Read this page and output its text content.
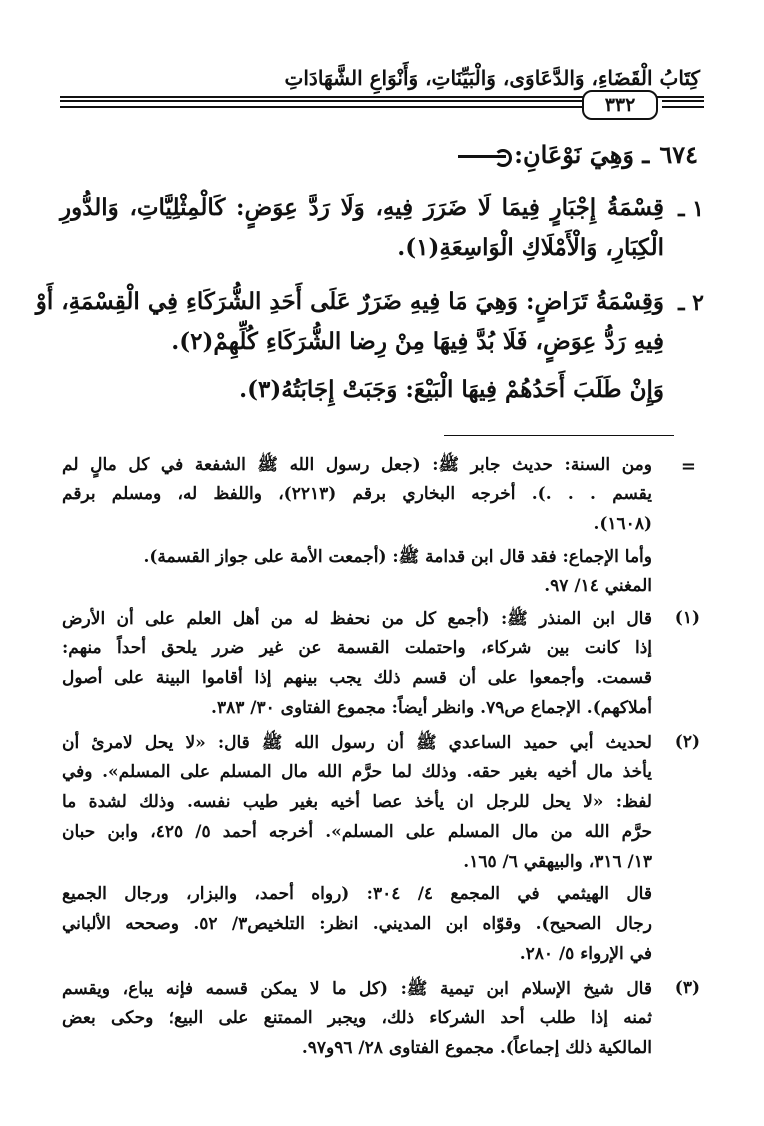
كِتَابُ الْقَضَاءِ، وَالدَّعَاوَى، وَالْبَيِّنَاتِ، وَأَنْوَاعِ الشَّهَادَاتِ
٣٣٢
٦٧٤ـ وَهِيَ نَوْعَانِ:
١ ـ
قِسْمَةُ إِجْبَارٍ فِيمَا لَا ضَرَرَ فِيهِ، وَلَا رَدَّ عِوَضٍ: كَالْمِثْلِيَّاتِ، وَالدُّورِ
الْكِبَارِ، وَالْأَمْلَاكِ الْوَاسِعَةِ(١).
٢ ـ
وَقِسْمَةُ تَرَاضٍ: وَهِيَ مَا فِيهِ ضَرَرٌ عَلَى أَحَدِ الشُّرَكَاءِ فِي الْقِسْمَةِ، أَوْ
فِيهِ رَدُّ عِوَضٍ، فَلَا بُدَّ فِيهَا مِنْ رِضا الشُّرَكَاءِ كُلِّهِمْ(٢).
وَإِنْ طَلَبَ أَحَدُهُمْ فِيهَا الْبَيْعَ: وَجَبَتْ إِجَابَتُهُ(٣).
=
ومن السنة: حديث جابر ﷺ: (جعل رسول الله ﷺ الشفعة في كل مالٍ لم
يقسم . . .). أخرجه البخاري برقم (٢٢١٣)، واللفظ له، ومسلم برقم
(١٦٠٨).
وأما الإجماع: فقد قال ابن قدامة ﷺ: (أجمعت الأمة على جواز القسمة).
المغني ١٤/ ٩٧.
(١)
قال ابن المنذر ﷺ: (أجمع كل من نحفظ له من أهل العلم على أن الأرض
إذا كانت بين شركاء، واحتملت القسمة عن غير ضرر يلحق أحداً منهم:
قسمت. وأجمعوا على أن قسم ذلك يجب بينهم إذا أقاموا البينة على أصول
أملاكهم). الإجماع ص٧٩. وانظر أيضاً: مجموع الفتاوى ٣٠/ ٣٨٣.
(٢)
لحديث أبي حميد الساعدي ﷺ أن رسول الله ﷺ قال: «لا يحل لامرئ أن
يأخذ مال أخيه بغير حقه. وذلك لما حرَّم الله مال المسلم على المسلم». وفي
لفظ: «لا يحل للرجل ان يأخذ عصا أخيه بغير طيب نفسه. وذلك لشدة ما
حرَّم الله من مال المسلم على المسلم». أخرجه أحمد ٥/ ٤٢٥، وابن حبان
١٣/ ٣١٦، والبيهقي ٦/ ١٦٥.
قال الهيثمي في المجمع ٤/ ٣٠٤: (رواه أحمد، والبزار، ورجال الجميع
رجال الصحيح). وقوّاه ابن المديني. انظر: التلخيص٣/ ٥٢. وصححه الألباني
في الإرواء ٥/ ٢٨٠.
(٣)
قال شيخ الإسلام ابن تيمية ﷺ: (كل ما لا يمكن قسمه فإنه يباع، ويقسم
ثمنه إذا طلب أحد الشركاء ذلك، ويجبر الممتنع على البيع؛ وحكى بعض
المالكية ذلك إجماعاً). مجموع الفتاوى ٢٨/ ٩٦و٩٧.
